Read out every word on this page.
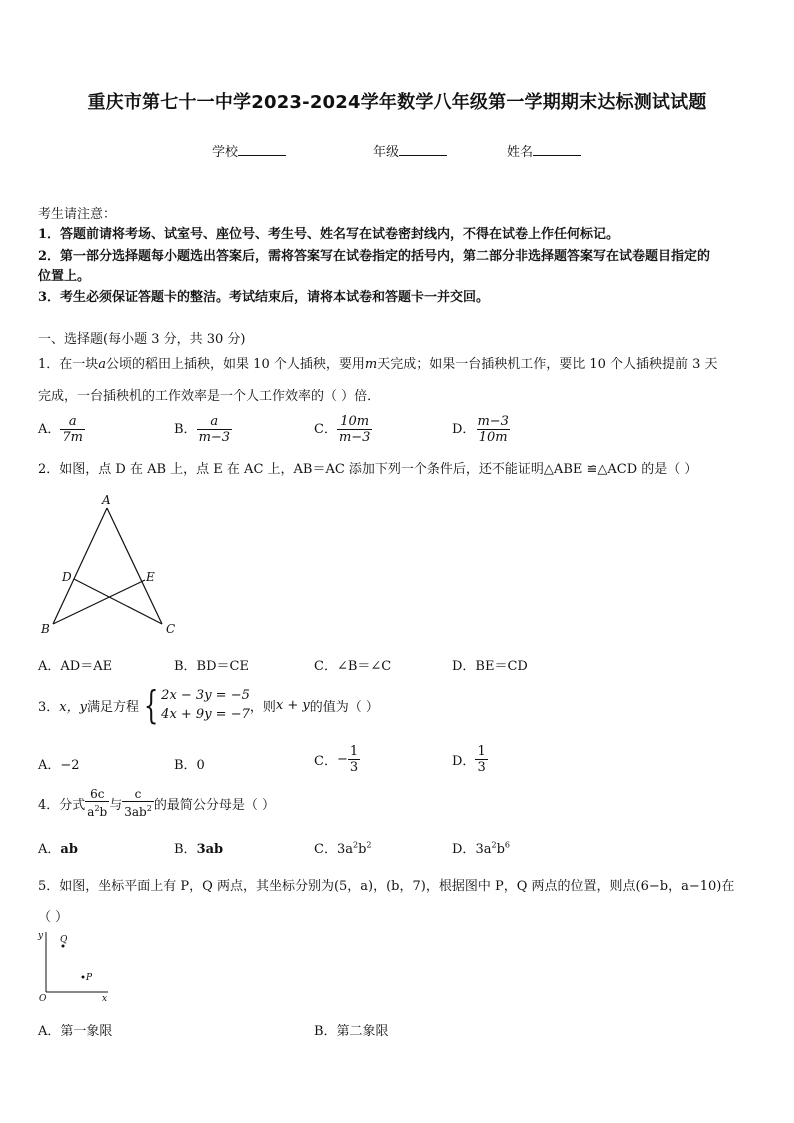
重庆市第七十一中学2023-2024学年数学八年级第一学期期末达标测试试题
学校	年级	姓名
考生请注意：
1．答题前请将考场、试室号、座位号、考生号、姓名写在试卷密封线内，不得在试卷上作任何标记。
2．第一部分选择题每小题选出答案后，需将答案写在试卷指定的括号内，第二部分非选择题答案写在试卷题目指定的
位置上。
3．考生必须保证答题卡的整洁。考试结束后，请将本试卷和答题卡一并交回。
一、选择题(每小题 3 分，共 30 分)
1．在一块a公顷的稻田上插秧，如果 10 个人插秧，要用m天完成；如果一台插秧机工作，要比 10 个人插秧提前 3 天
完成，一台插秧机的工作效率是一个人工作效率的（ ）倍．
A． $\frac{a}{7m}$	B． $\frac{a}{m-3}$	C． $\frac{10m}{m-3}$	D． $\frac{m-3}{10m}$
2．如图，点 D 在 AB 上，点 E 在 AC 上，AB＝AC 添加下列一个条件后，还不能证明△ABE ≌△ACD 的是（ ）
A
B	C
D	E
A．AD＝AE	B．BD＝CE	C．∠B＝∠C	D．BE＝CD
3． x，y 满足方程 { 2x − 3y = −5
4x + 9y = −7 ，则 x + y 的值为（ ）
A．−2	B．0	C． − $\frac{1}{3}$	D． $\frac{1}{3}$
4．分式 $\frac{6c}{a^2b}$ 与 $\frac{c}{3ab^2}$ 的最简公分母是（ ）
A．ab	B．3ab	C．$3a^2b^2$	D．$3a^2b^6$
5．如图，坐标平面上有 P，Q 两点，其坐标分别为(5，a)，(b，7)，根据图中 P，Q 两点的位置，则点(6−b，a−10)在
（ ）
y
x
O
Q
P
A．第一象限	B．第二象限
